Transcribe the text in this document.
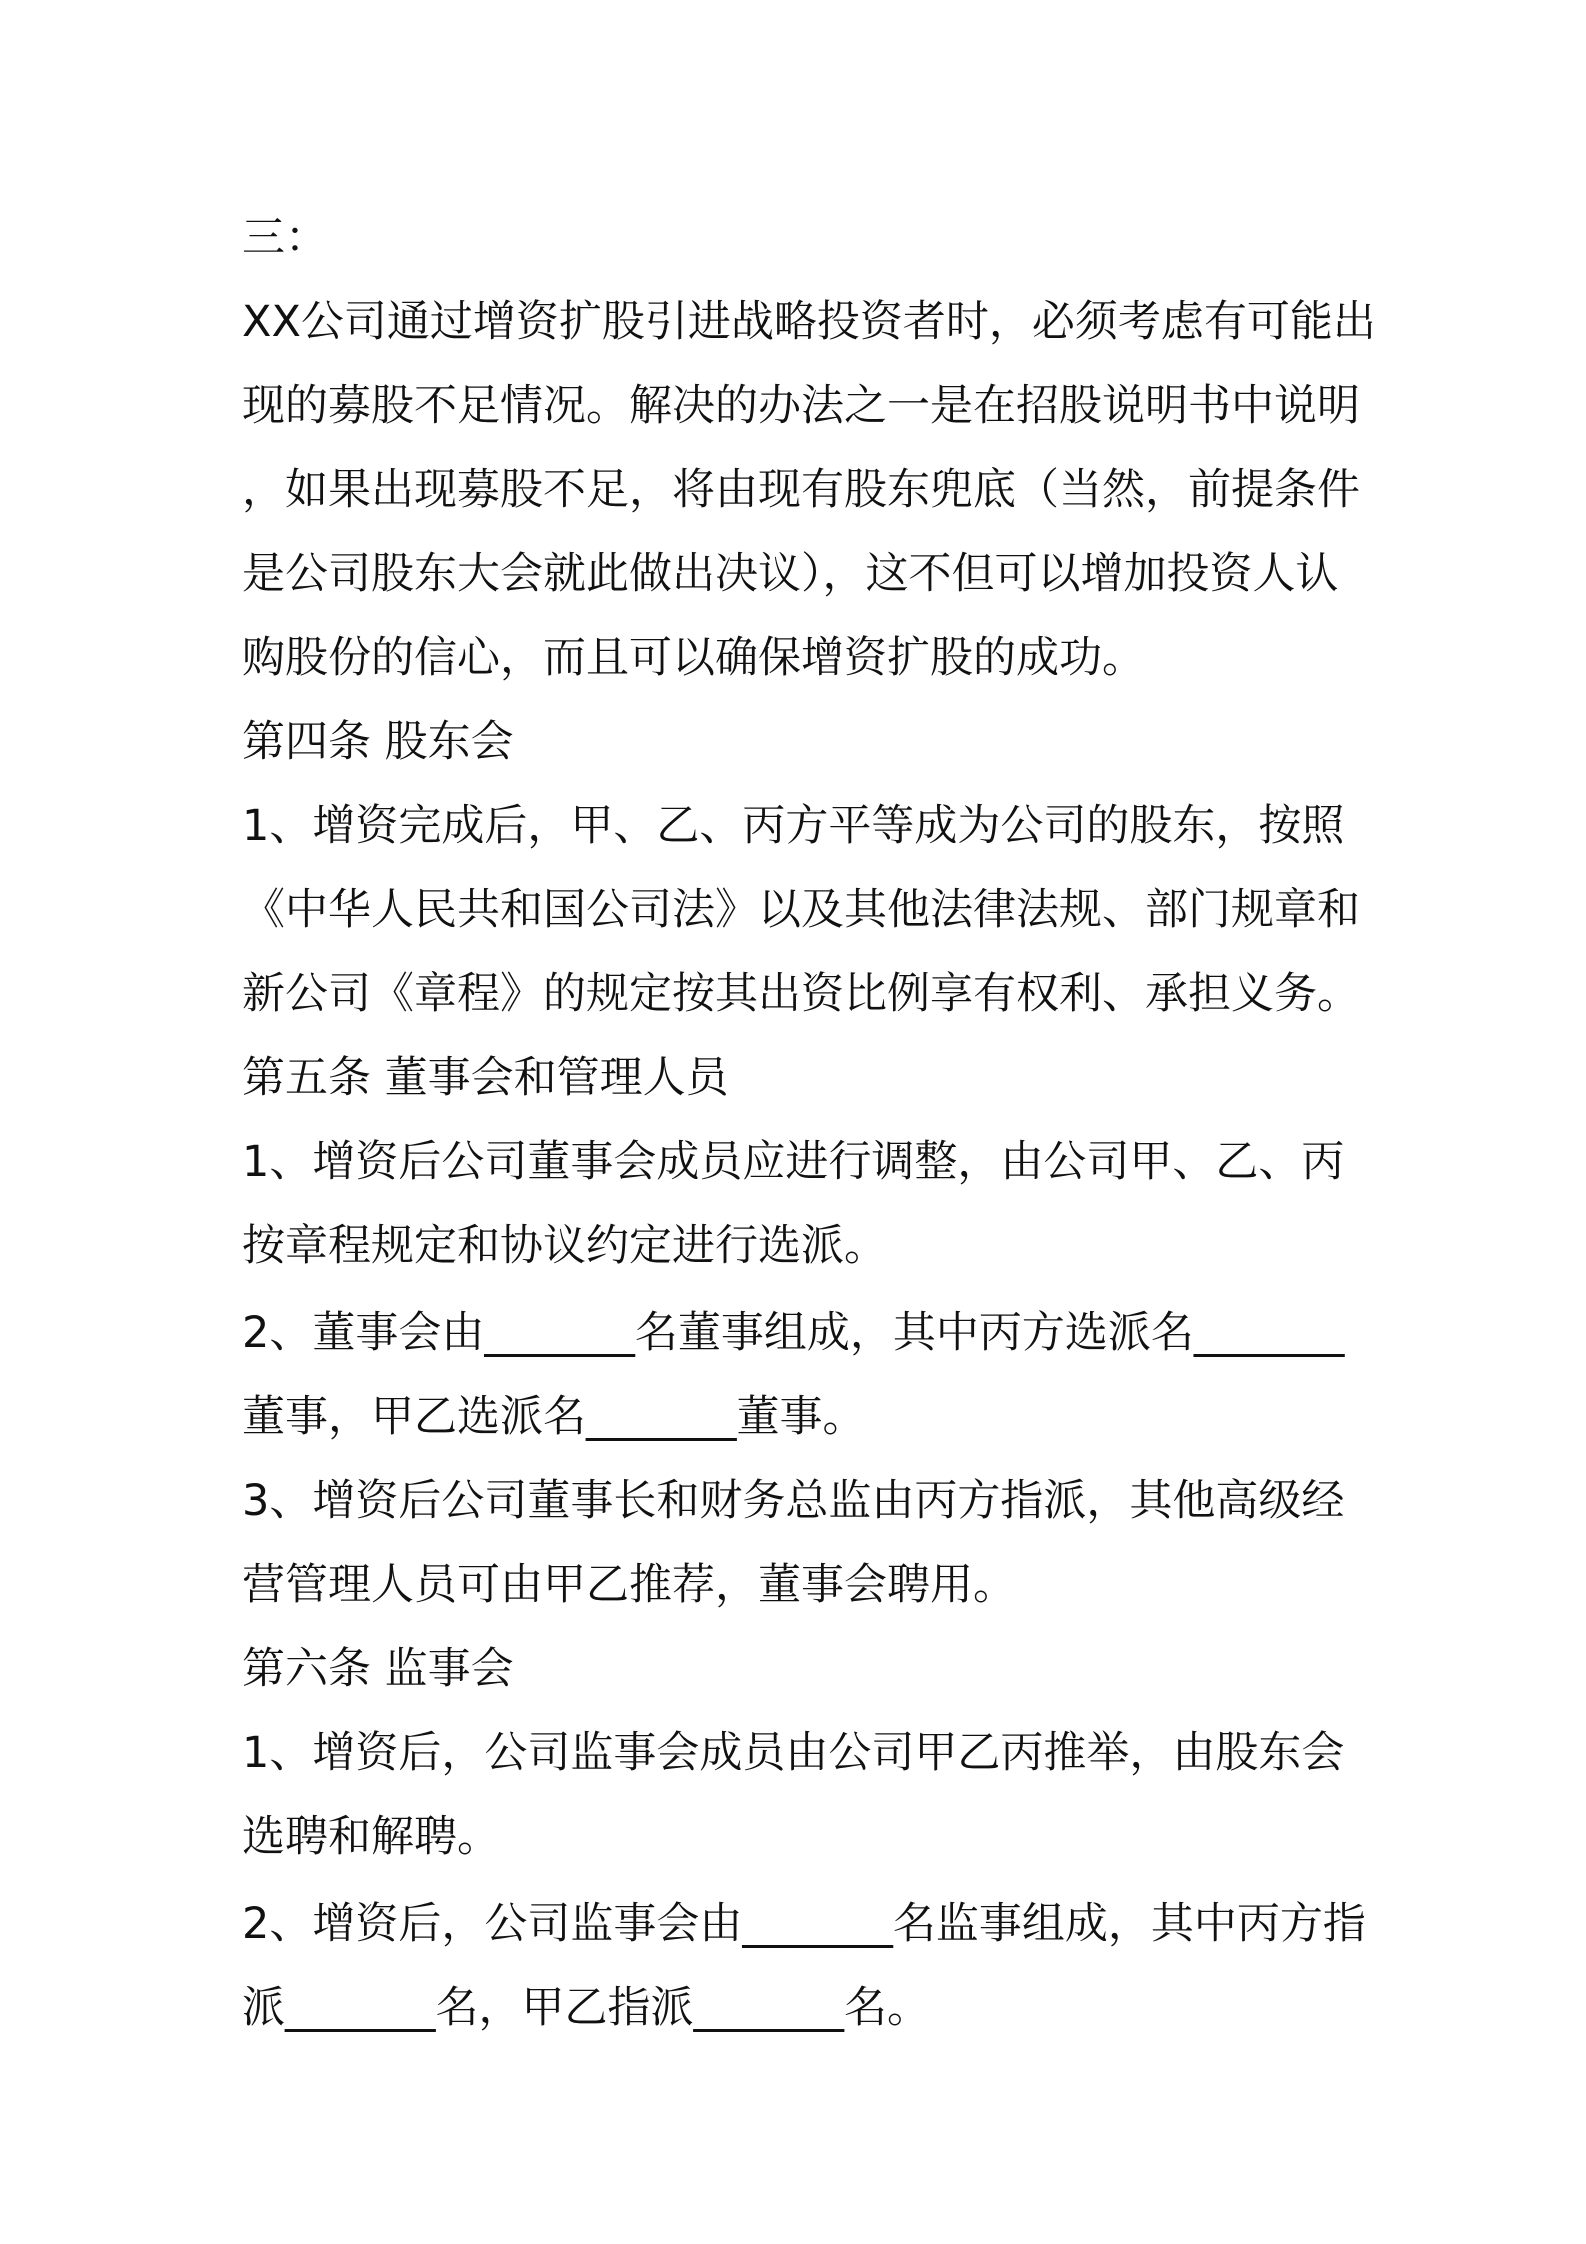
三：
XX公司通过增资扩股引进战略投资者时，必须考虑有可能出
现的募股不足情况。解决的办法之一是在招股说明书中说明
，如果出现募股不足，将由现有股东兜底（当然，前提条件
是公司股东大会就此做出决议），这不但可以增加投资人认
购股份的信心，而且可以确保增资扩股的成功。
第四条 股东会
1、增资完成后，甲、乙、丙方平等成为公司的股东，按照
《中华人民共和国公司法》以及其他法律法规、部门规章和
新公司《章程》的规定按其出资比例享有权利、承担义务。
第五条 董事会和管理人员
1、增资后公司董事会成员应进行调整，由公司甲、乙、丙
按章程规定和协议约定进行选派。
2、董事会由_______名董事组成，其中丙方选派名_______
董事，甲乙选派名_______董事。
3、增资后公司董事长和财务总监由丙方指派，其他高级经
营管理人员可由甲乙推荐，董事会聘用。
第六条 监事会
1、增资后，公司监事会成员由公司甲乙丙推举，由股东会
选聘和解聘。
2、增资后，公司监事会由_______名监事组成，其中丙方指
派_______名，甲乙指派_______名。
